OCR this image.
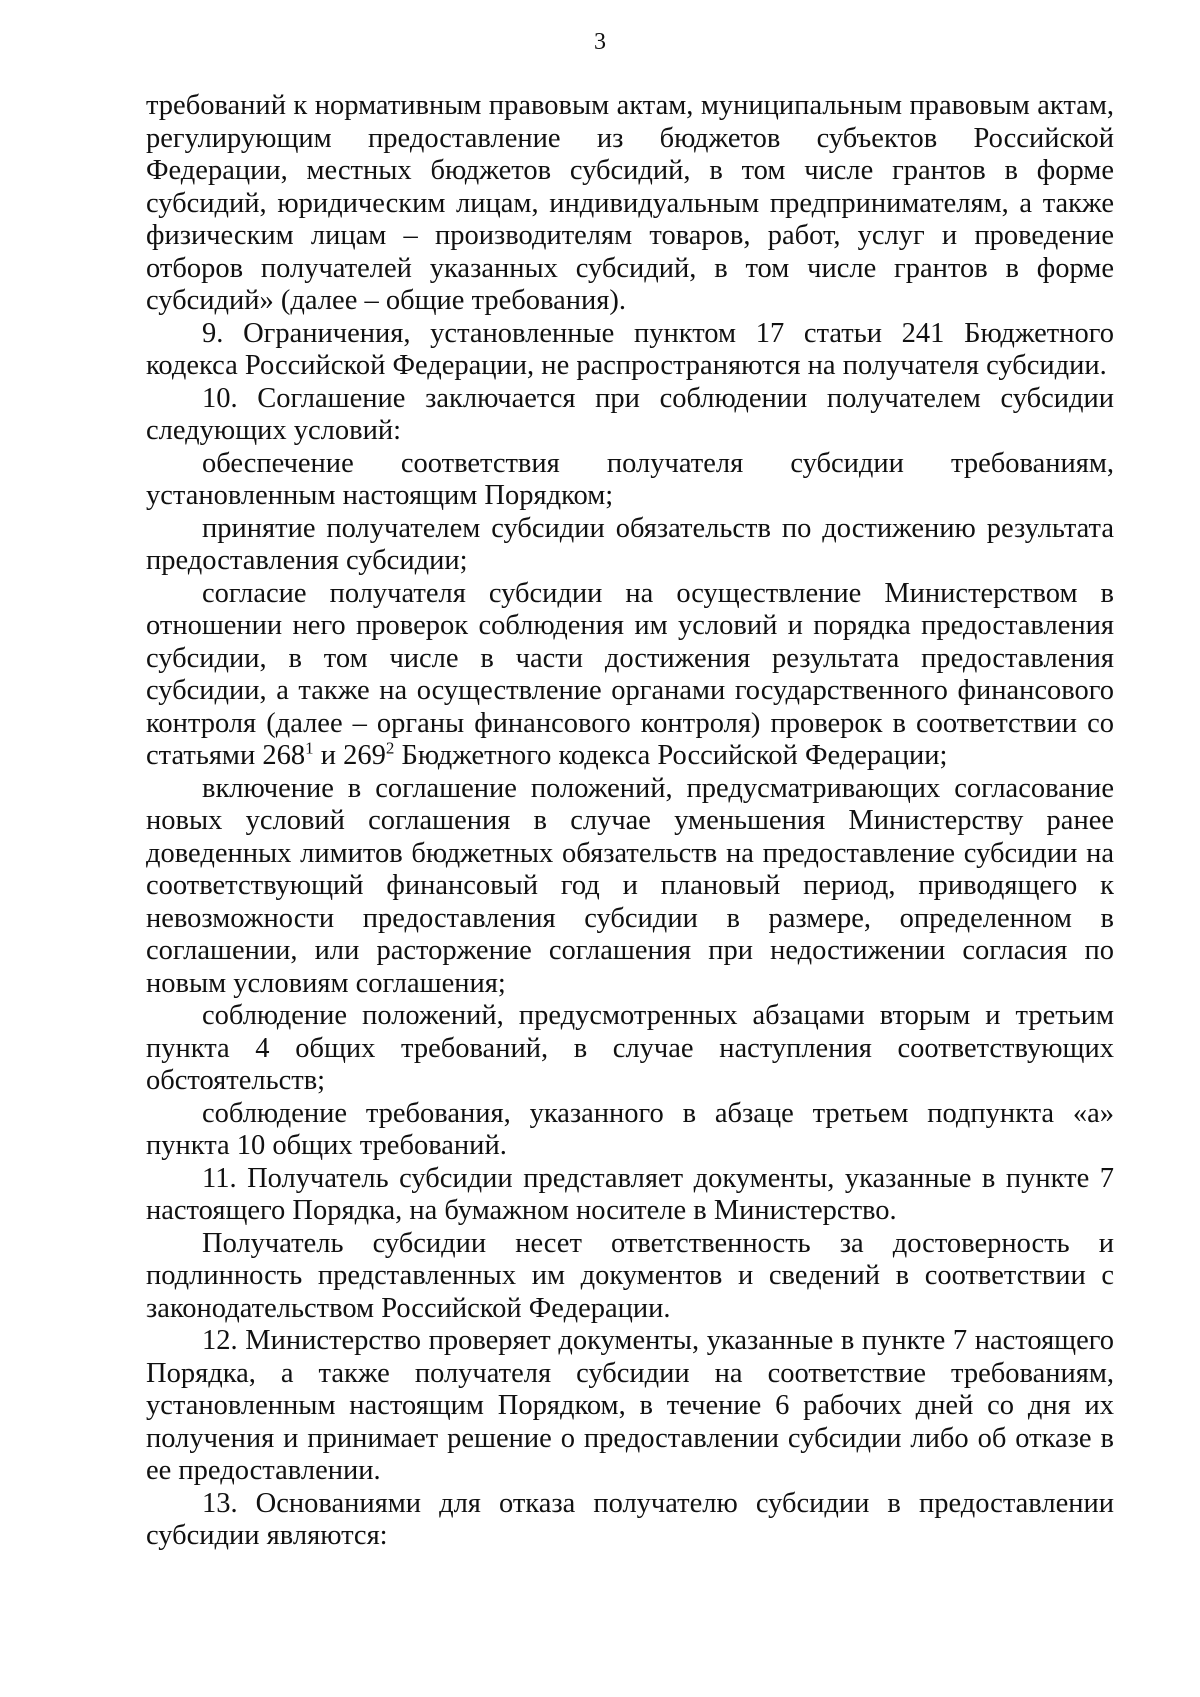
3

требований к нормативным правовым актам, муниципальным правовым актам, регулирующим предоставление из бюджетов субъектов Российской Федерации, местных бюджетов субсидий, в том числе грантов в форме субсидий, юридическим лицам, индивидуальным предпринимателям, а также физическим лицам – производителям товаров, работ, услуг и проведение отборов получателей указанных субсидий, в том числе грантов в форме субсидий» (далее – общие требования).

9. Ограничения, установленные пунктом 17 статьи 241 Бюджетного кодекса Российской Федерации, не распространяются на получателя субсидии.

10. Соглашение заключается при соблюдении получателем субсидии следующих условий:

обеспечение соответствия получателя субсидии требованиям, установленным настоящим Порядком;

принятие получателем субсидии обязательств по достижению результата предоставления субсидии;

согласие получателя субсидии на осуществление Министерством в отношении него проверок соблюдения им условий и порядка предоставления субсидии, в том числе в части достижения результата предоставления субсидии, а также на осуществление органами государственного финансового контроля (далее – органы финансового контроля) проверок в соответствии со статьями $268^1$ и $269^2$ Бюджетного кодекса Российской Федерации;

включение в соглашение положений, предусматривающих согласование новых условий соглашения в случае уменьшения Министерству ранее доведенных лимитов бюджетных обязательств на предоставление субсидии на соответствующий финансовый год и плановый период, приводящего к невозможности предоставления субсидии в размере, определенном в соглашении, или расторжение соглашения при недостижении согласия по новым условиям соглашения;

соблюдение положений, предусмотренных абзацами вторым и третьим пункта 4 общих требований, в случае наступления соответствующих обстоятельств;

соблюдение требования, указанного в абзаце третьем подпункта «а» пункта 10 общих требований.

11. Получатель субсидии представляет документы, указанные в пункте 7 настоящего Порядка, на бумажном носителе в Министерство.

Получатель субсидии несет ответственность за достоверность и подлинность представленных им документов и сведений в соответствии с законодательством Российской Федерации.

12. Министерство проверяет документы, указанные в пункте 7 настоящего Порядка, а также получателя субсидии на соответствие требованиям, установленным настоящим Порядком, в течение 6 рабочих дней со дня их получения и принимает решение о предоставлении субсидии либо об отказе в ее предоставлении.

13. Основаниями для отказа получателю субсидии в предоставлении субсидии являются:
